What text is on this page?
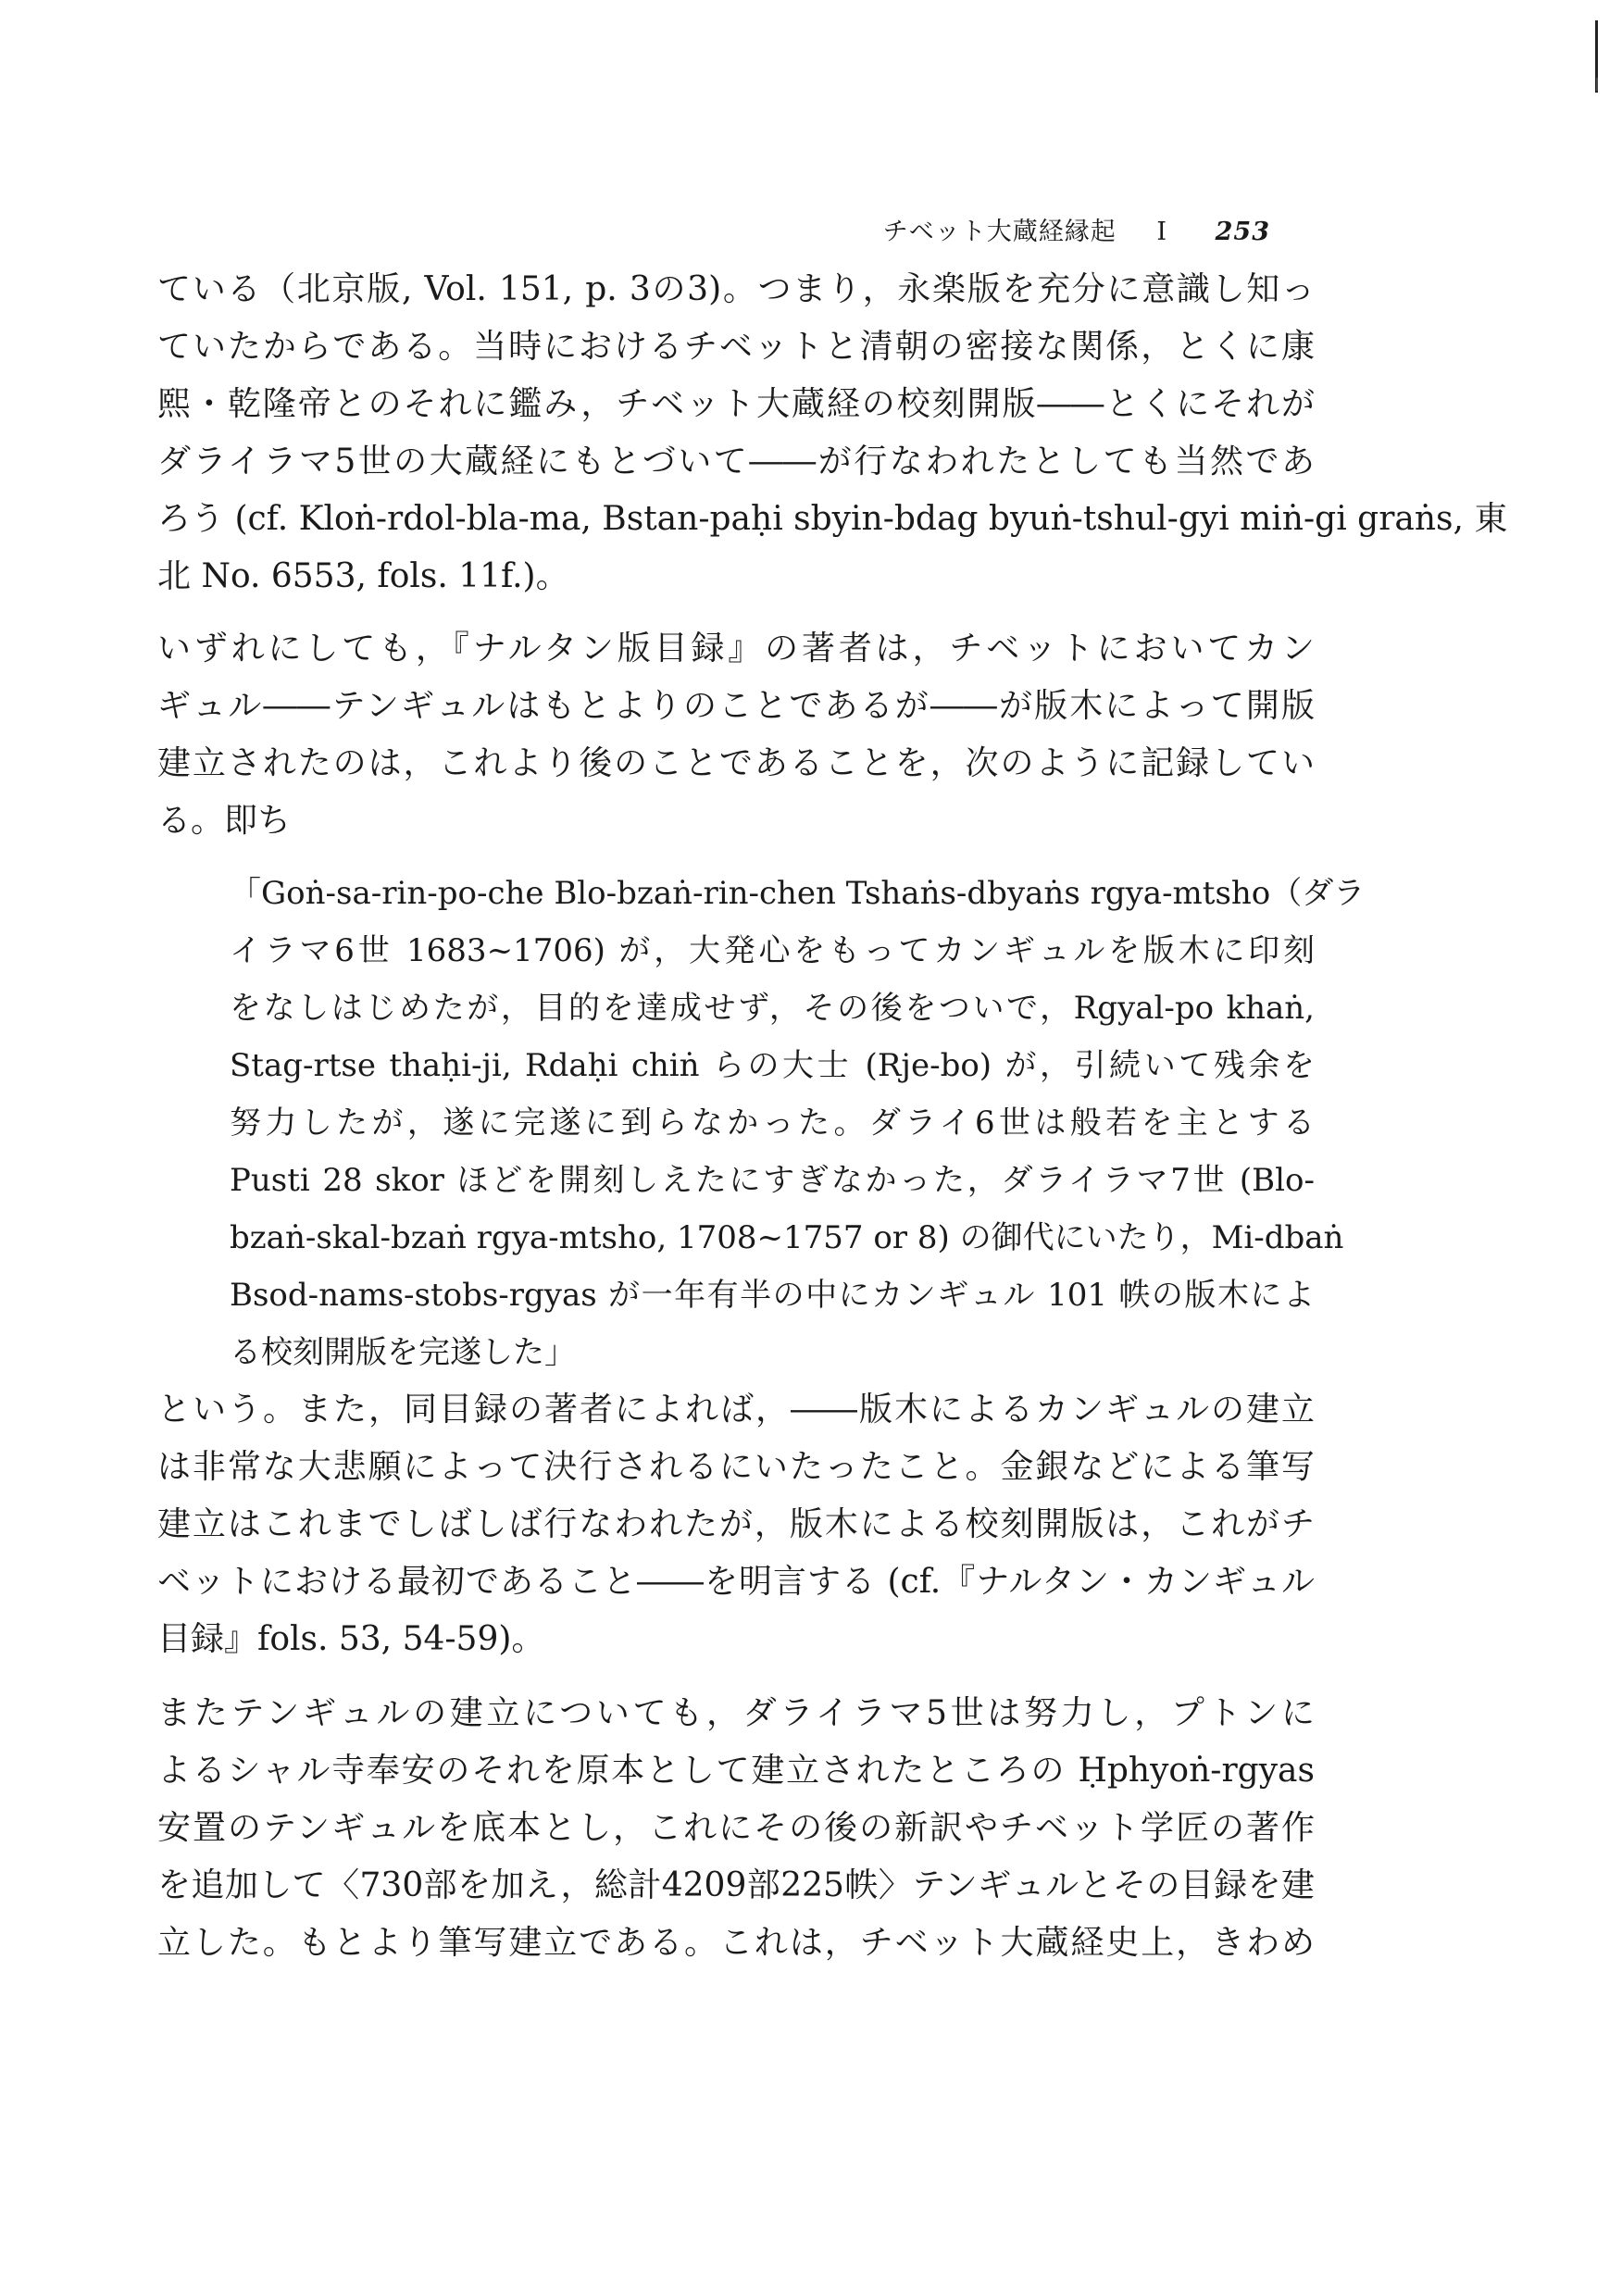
チベット大蔵経縁起 I 253
ている（北京版, Vol. 151, p. 3の3)。つまり，永楽版を充分に意識し知っ
ていたからである。当時におけるチベットと清朝の密接な関係，とくに康
熙・乾隆帝とのそれに鑑み，チベット大蔵経の校刻開版――とくにそれが
ダライラマ5世の大蔵経にもとづいて――が行なわれたとしても当然であ
ろう (cf. Kloṅ-rdol-bla-ma, Bstan-paḥi sbyin-bdag byuṅ-tshul-gyi miṅ-gi graṅs, 東
北 No. 6553, fols. 11f.)。
いずれにしても，『ナルタン版目録』の著者は，チベットにおいてカン
ギュル――テンギュルはもとよりのことであるが――が版木によって開版
建立されたのは，これより後のことであることを，次のように記録してい
る。即ち
「Goṅ-sa-rin-po-che Blo-bzaṅ-rin-chen Tshaṅs-dbyaṅs rgya-mtsho（ダラ
イラマ6世 1683~1706) が，大発心をもってカンギュルを版木に印刻
をなしはじめたが，目的を達成せず，その後をついで，Rgyal-po khaṅ,
Stag-rtse thaḥi-ji, Rdaḥi chiṅ らの大士 (Rje-bo) が，引続いて残余を
努力したが，遂に完遂に到らなかった。ダライ6世は般若を主とする
Pusti 28 skor ほどを開刻しえたにすぎなかった，ダライラマ7世 (Blo-
bzaṅ-skal-bzaṅ rgya-mtsho, 1708~1757 or 8) の御代にいたり，Mi-dbaṅ
Bsod-nams-stobs-rgyas が一年有半の中にカンギュル 101 帙の版木によ
る校刻開版を完遂した」
という。また，同目録の著者によれば，――版木によるカンギュルの建立
は非常な大悲願によって決行されるにいたったこと。金銀などによる筆写
建立はこれまでしばしば行なわれたが，版木による校刻開版は，これがチ
ベットにおける最初であること――を明言する (cf.『ナルタン・カンギュル
目録』fols. 53, 54-59)。
またテンギュルの建立についても，ダライラマ5世は努力し，プトンに
よるシャル寺奉安のそれを原本として建立されたところの Ḥphyoṅ-rgyas
安置のテンギュルを底本とし，これにその後の新訳やチベット学匠の著作
を追加して〈730部を加え，総計4209部225帙〉テンギュルとその目録を建
立した。もとより筆写建立である。これは，チベット大蔵経史上，きわめ
